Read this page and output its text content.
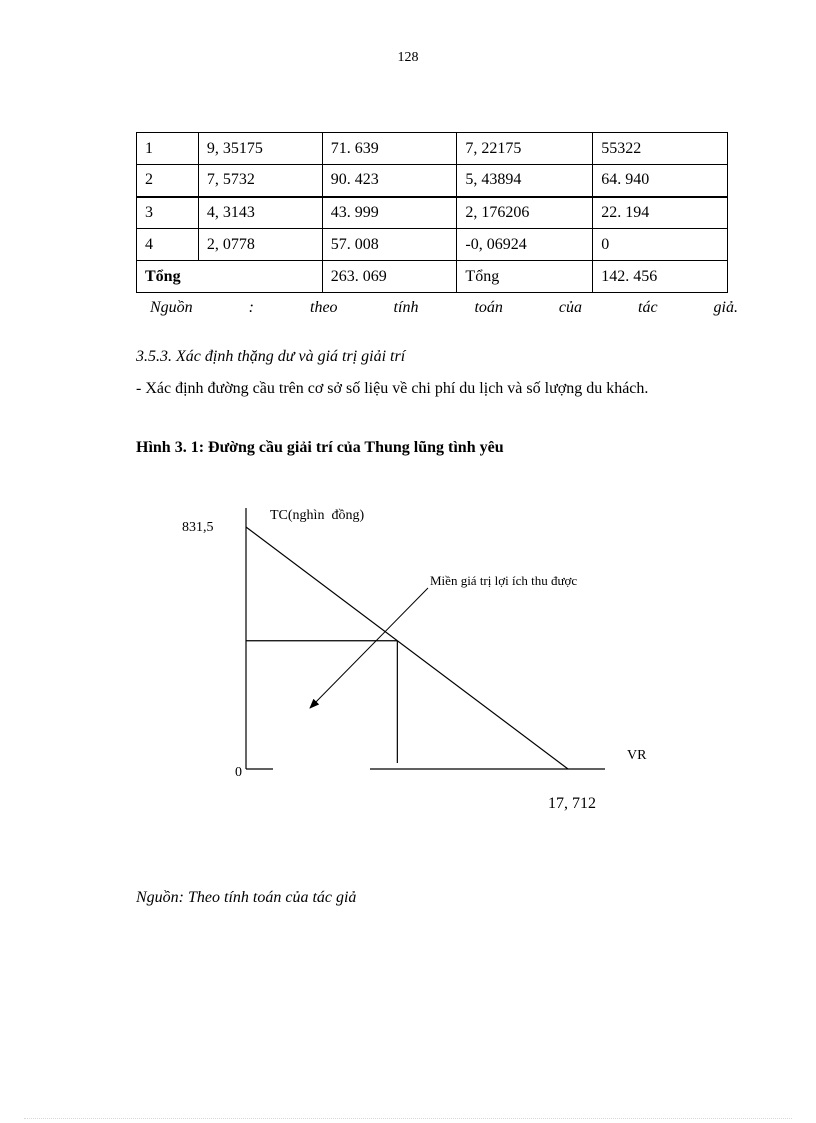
128
1	9, 35175	71. 639	7, 22175	55322
2	7, 5732	90. 423	5, 43894	64. 940
3	4, 3143	43. 999	2, 176206	22. 194
4	2, 0778	57. 008	-0, 06924	0
Tổng		263. 069	Tổng	142. 456
Nguồn	:	theo	tính	toán	của	tác	giả.
3.5.3. Xác định thặng dư và giá trị giải trí
- Xác định đường cầu trên cơ sở số liệu về chi phí du lịch và số lượng du khách.
Hình 3. 1: Đường cầu giải trí của Thung lũng tình yêu
TC(nghìn  đồng)
831,5
Miền giá trị lợi ích thu được
VR
0
17, 712
Nguồn: Theo tính toán của tác giả
